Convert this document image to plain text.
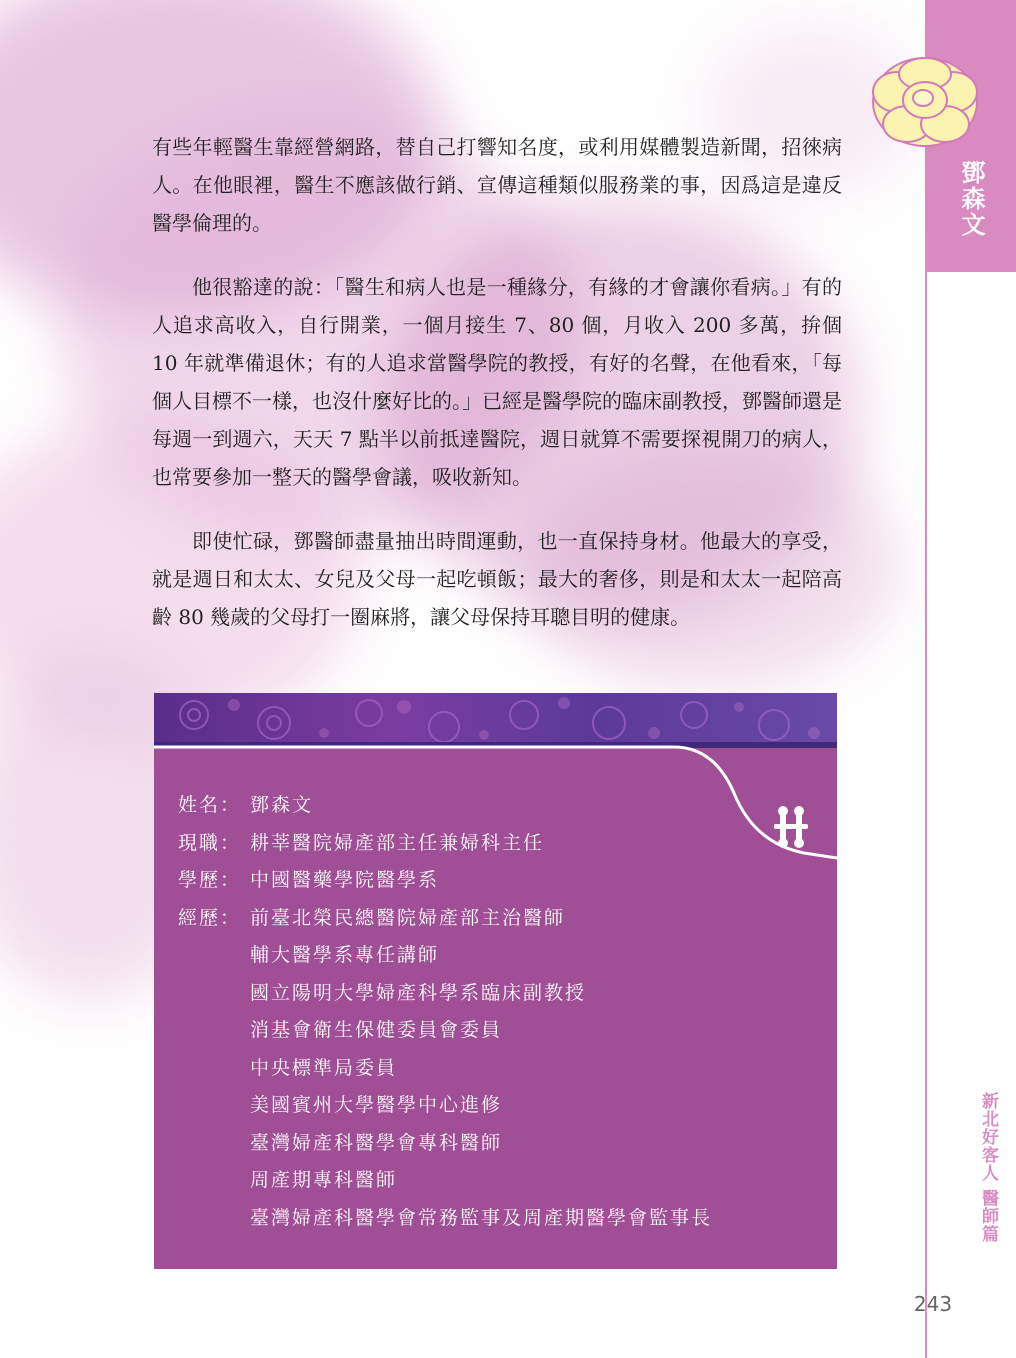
鄧森文
新北好客人 醫師篇
243

有些年輕醫生靠經營網路，替自己打響知名度，或利用媒體製造新聞，招徠病人。在他眼裡，醫生不應該做行銷、宣傳這種類似服務業的事，因爲這是違反醫學倫理的。

他很豁達的說：「醫生和病人也是一種緣分，有緣的才會讓你看病。」有的人追求高收入，自行開業，一個月接生 7、80 個，月收入 200 多萬，拚個 10 年就準備退休；有的人追求當醫學院的教授，有好的名聲，在他看來，「每個人目標不一樣，也沒什麼好比的。」已經是醫學院的臨床副教授，鄧醫師還是每週一到週六，天天 7 點半以前抵達醫院，週日就算不需要探視開刀的病人，也常要參加一整天的醫學會議，吸收新知。

即使忙碌，鄧醫師盡量抽出時間運動，也一直保持身材。他最大的享受，就是週日和太太、女兒及父母一起吃頓飯；最大的奢侈，則是和太太一起陪高齡 80 幾歲的父母打一圈麻將，讓父母保持耳聰目明的健康。

姓名： 鄧森文
現職： 耕莘醫院婦產部主任兼婦科主任
學歷： 中國醫藥學院醫學系
經歷： 前臺北榮民總醫院婦產部主治醫師
輔大醫學系專任講師
國立陽明大學婦產科學系臨床副教授
消基會衛生保健委員會委員
中央標準局委員
美國賓州大學醫學中心進修
臺灣婦產科醫學會專科醫師
周產期專科醫師
臺灣婦產科醫學會常務監事及周產期醫學會監事長
